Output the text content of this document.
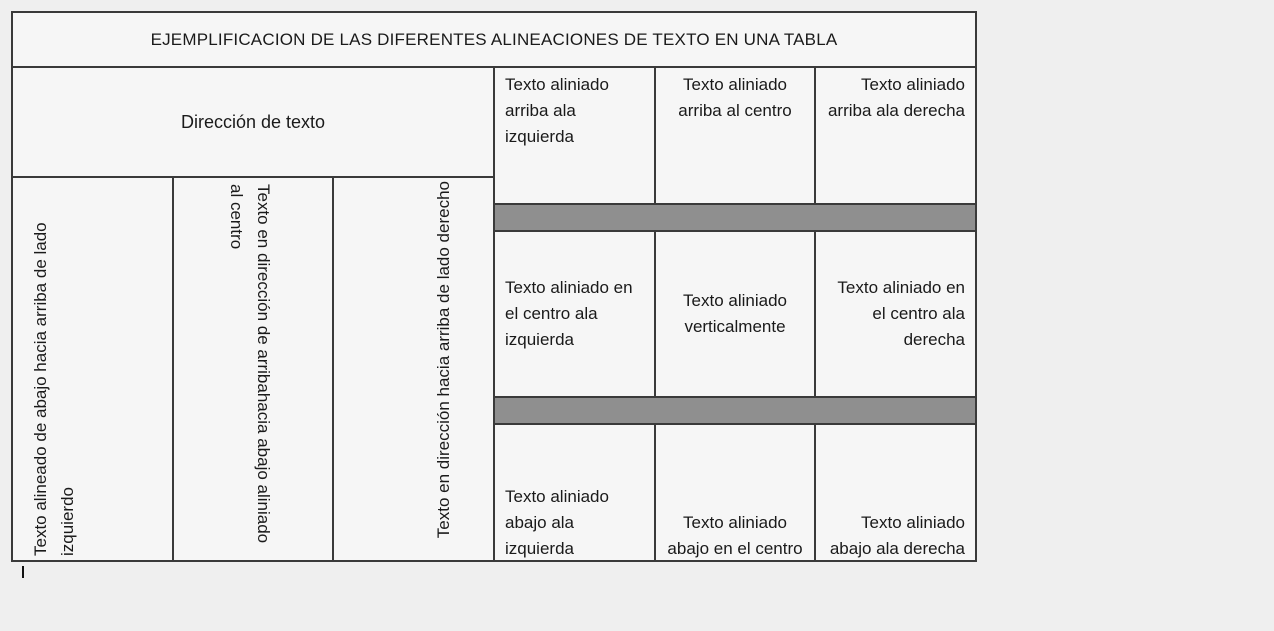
EJEMPLIFICACION DE LAS DIFERENTES ALINEACIONES DE TEXTO EN UNA TABLA
Dirección de texto
Texto alineado de abajo hacia arriba de lado izquierdo	Texto en dirección de arribahacia abajo aliniado al centro	Texto en dirección hacia arriba de lado derecho
Texto aliniado arriba ala izquierda
Texto aliniado arriba al centro
Texto aliniado arriba ala derecha
Texto aliniado en el centro ala izquierda
Texto aliniado verticalmente
Texto aliniado en el centro ala derecha
Texto aliniado abajo ala izquierda
Texto aliniado abajo en el centro
Texto aliniado abajo ala derecha
